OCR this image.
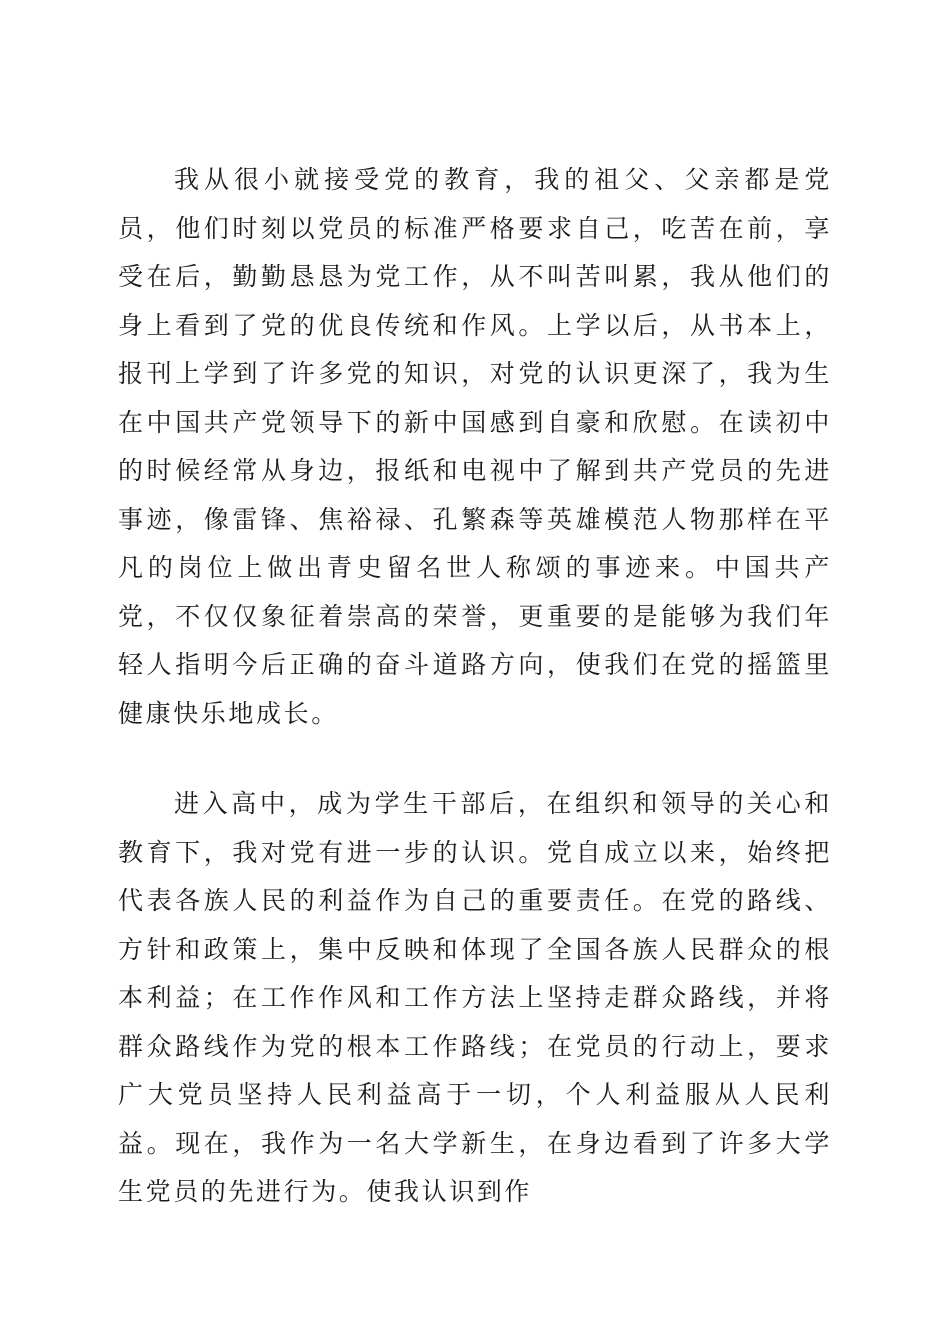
我从很小就接受党的教育，我的祖父、父亲都是党员，他们时刻以党员的标准严格要求自己，吃苦在前，享受在后，勤勤恳恳为党工作，从不叫苦叫累，我从他们的身上看到了党的优良传统和作风。上学以后，从书本上，报刊上学到了许多党的知识，对党的认识更深了，我为生在中国共产党领导下的新中国感到自豪和欣慰。在读初中的时候经常从身边，报纸和电视中了解到共产党员的先进事迹，像雷锋、焦裕禄、孔繁森等英雄模范人物那样在平凡的岗位上做出青史留名世人称颂的事迹来。中国共产党，不仅仅象征着崇高的荣誉，更重要的是能够为我们年轻人指明今后正确的奋斗道路方向，使我们在党的摇篮里健康快乐地成长。

进入高中，成为学生干部后，在组织和领导的关心和教育下，我对党有进一步的认识。党自成立以来，始终把代表各族人民的利益作为自己的重要责任。在党的路线、方针和政策上，集中反映和体现了全国各族人民群众的根本利益；在工作作风和工作方法上坚持走群众路线，并将群众路线作为党的根本工作路线；在党员的行动上，要求广大党员坚持人民利益高于一切，个人利益服从人民利益。现在，我作为一名大学新生，在身边看到了许多大学生党员的先进行为。使我认识到作
